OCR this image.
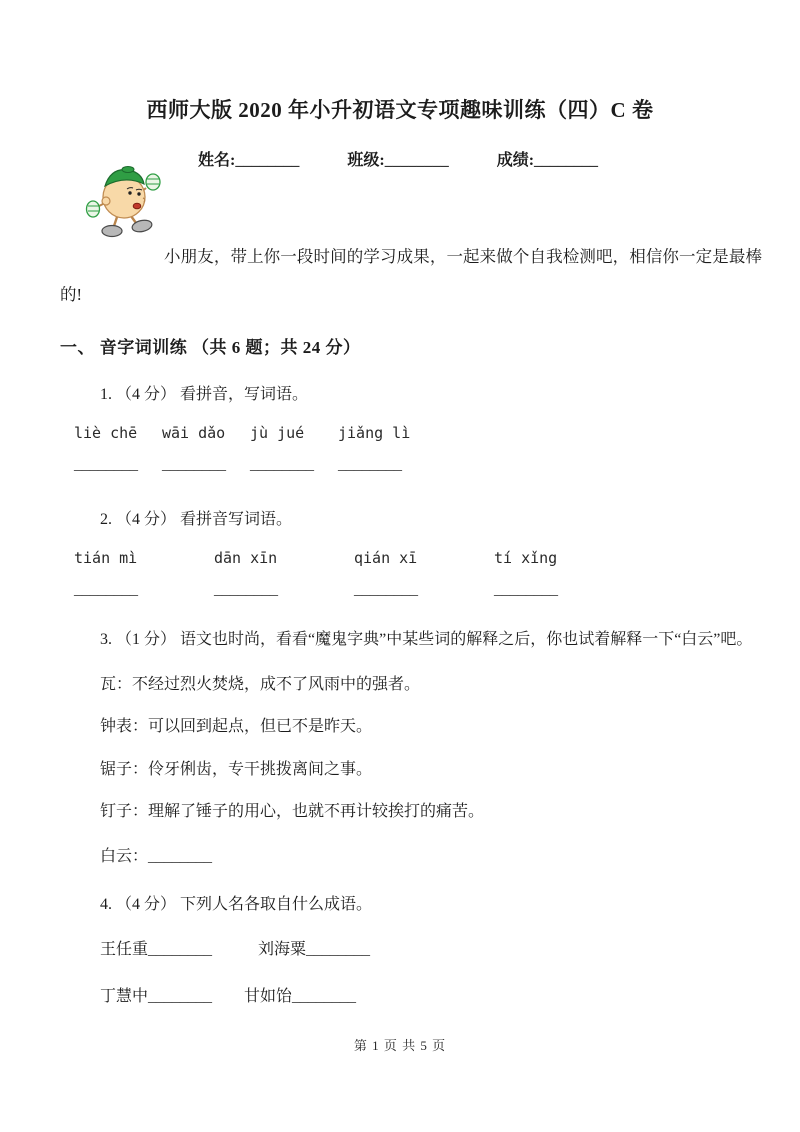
西师大版 2020 年小升初语文专项趣味训练（四）C 卷
姓名:________	班级:________	成绩:________

小朋友，带上你一段时间的学习成果，一起来做个自我检测吧，相信你一定是最棒的!

一、 音字词训练 （共 6 题；共 24 分）
1. （4 分） 看拼音，写词语。
liè chē	wāi dǎo	jù jué	jiǎng lì
________	________	________	________
2. （4 分） 看拼音写词语。
tián mì	dān xīn	qián xī	tí xǐng
________	________	________	________
3. （1 分） 语文也时尚，看看“魔鬼字典”中某些词的解释之后，你也试着解释一下“白云”吧。
瓦：不经过烈火焚烧，成不了风雨中的强者。
钟表：可以回到起点，但已不是昨天。
锯子：伶牙俐齿，专干挑拨离间之事。
钉子：理解了锤子的用心，也就不再计较挨打的痛苦。
白云：________
4. （4 分） 下列人名各取自什么成语。
王任重________	刘海粟________
丁慧中________ 甘如饴________
第 1 页 共 5 页
